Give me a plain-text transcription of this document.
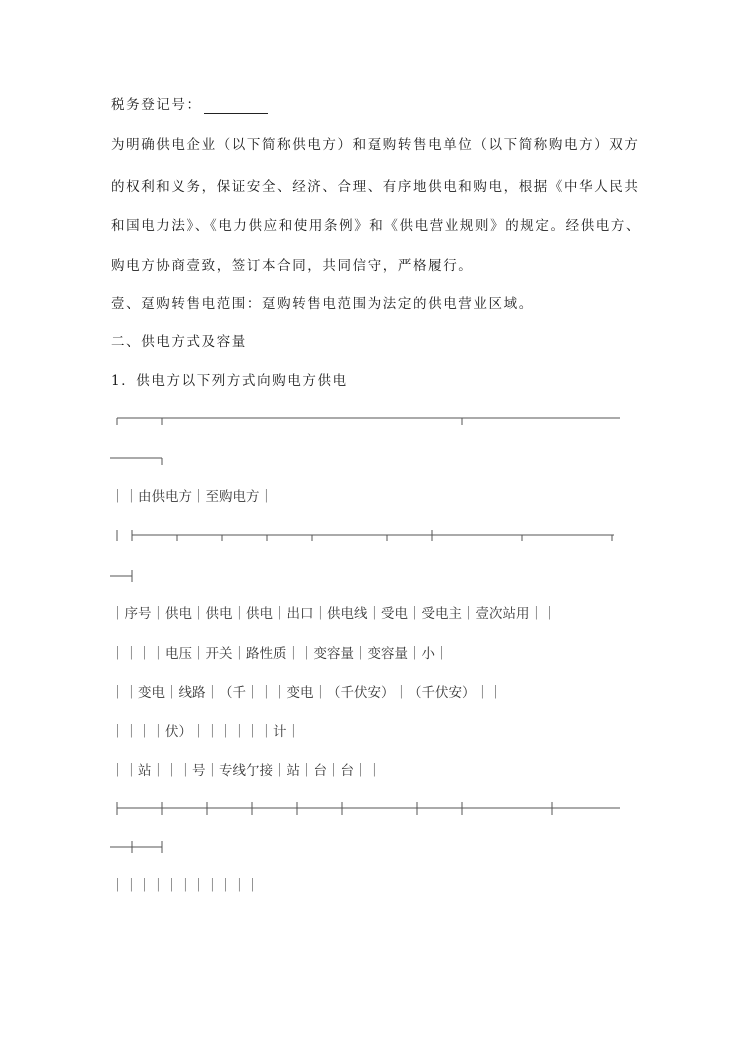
税务登记号：
为明确供电企业（以下简称供电方）和趸购转售电单位（以下简称购电方）双方
的权利和义务，保证安全、经济、合理、有序地供电和购电，根据《中华人民共
和国电力法》、《电力供应和使用条例》和《供电营业规则》的规定。经供电方、
购电方协商壹致，签订本合同，共同信守，严格履行。
壹、趸购转售电范围：趸购转售电范围为法定的供电营业区域。
二、供电方式及容量
1．供电方以下列方式向购电方供电
｜｜由供电方｜至购电方｜
｜序号｜供电｜供电｜供电｜出口｜供电线｜受电｜受电主｜壹次站用｜｜
｜｜｜｜电压｜开关｜路性质｜｜变容量｜变容量｜小｜
｜｜变电｜线路｜（千｜｜｜变电｜（千伏安）｜（千伏安）｜｜
｜｜｜｜伏）｜｜｜｜｜｜计｜
｜｜站｜｜｜号｜专线亇接｜站｜台｜台｜｜
｜｜｜｜｜｜｜｜｜｜｜
